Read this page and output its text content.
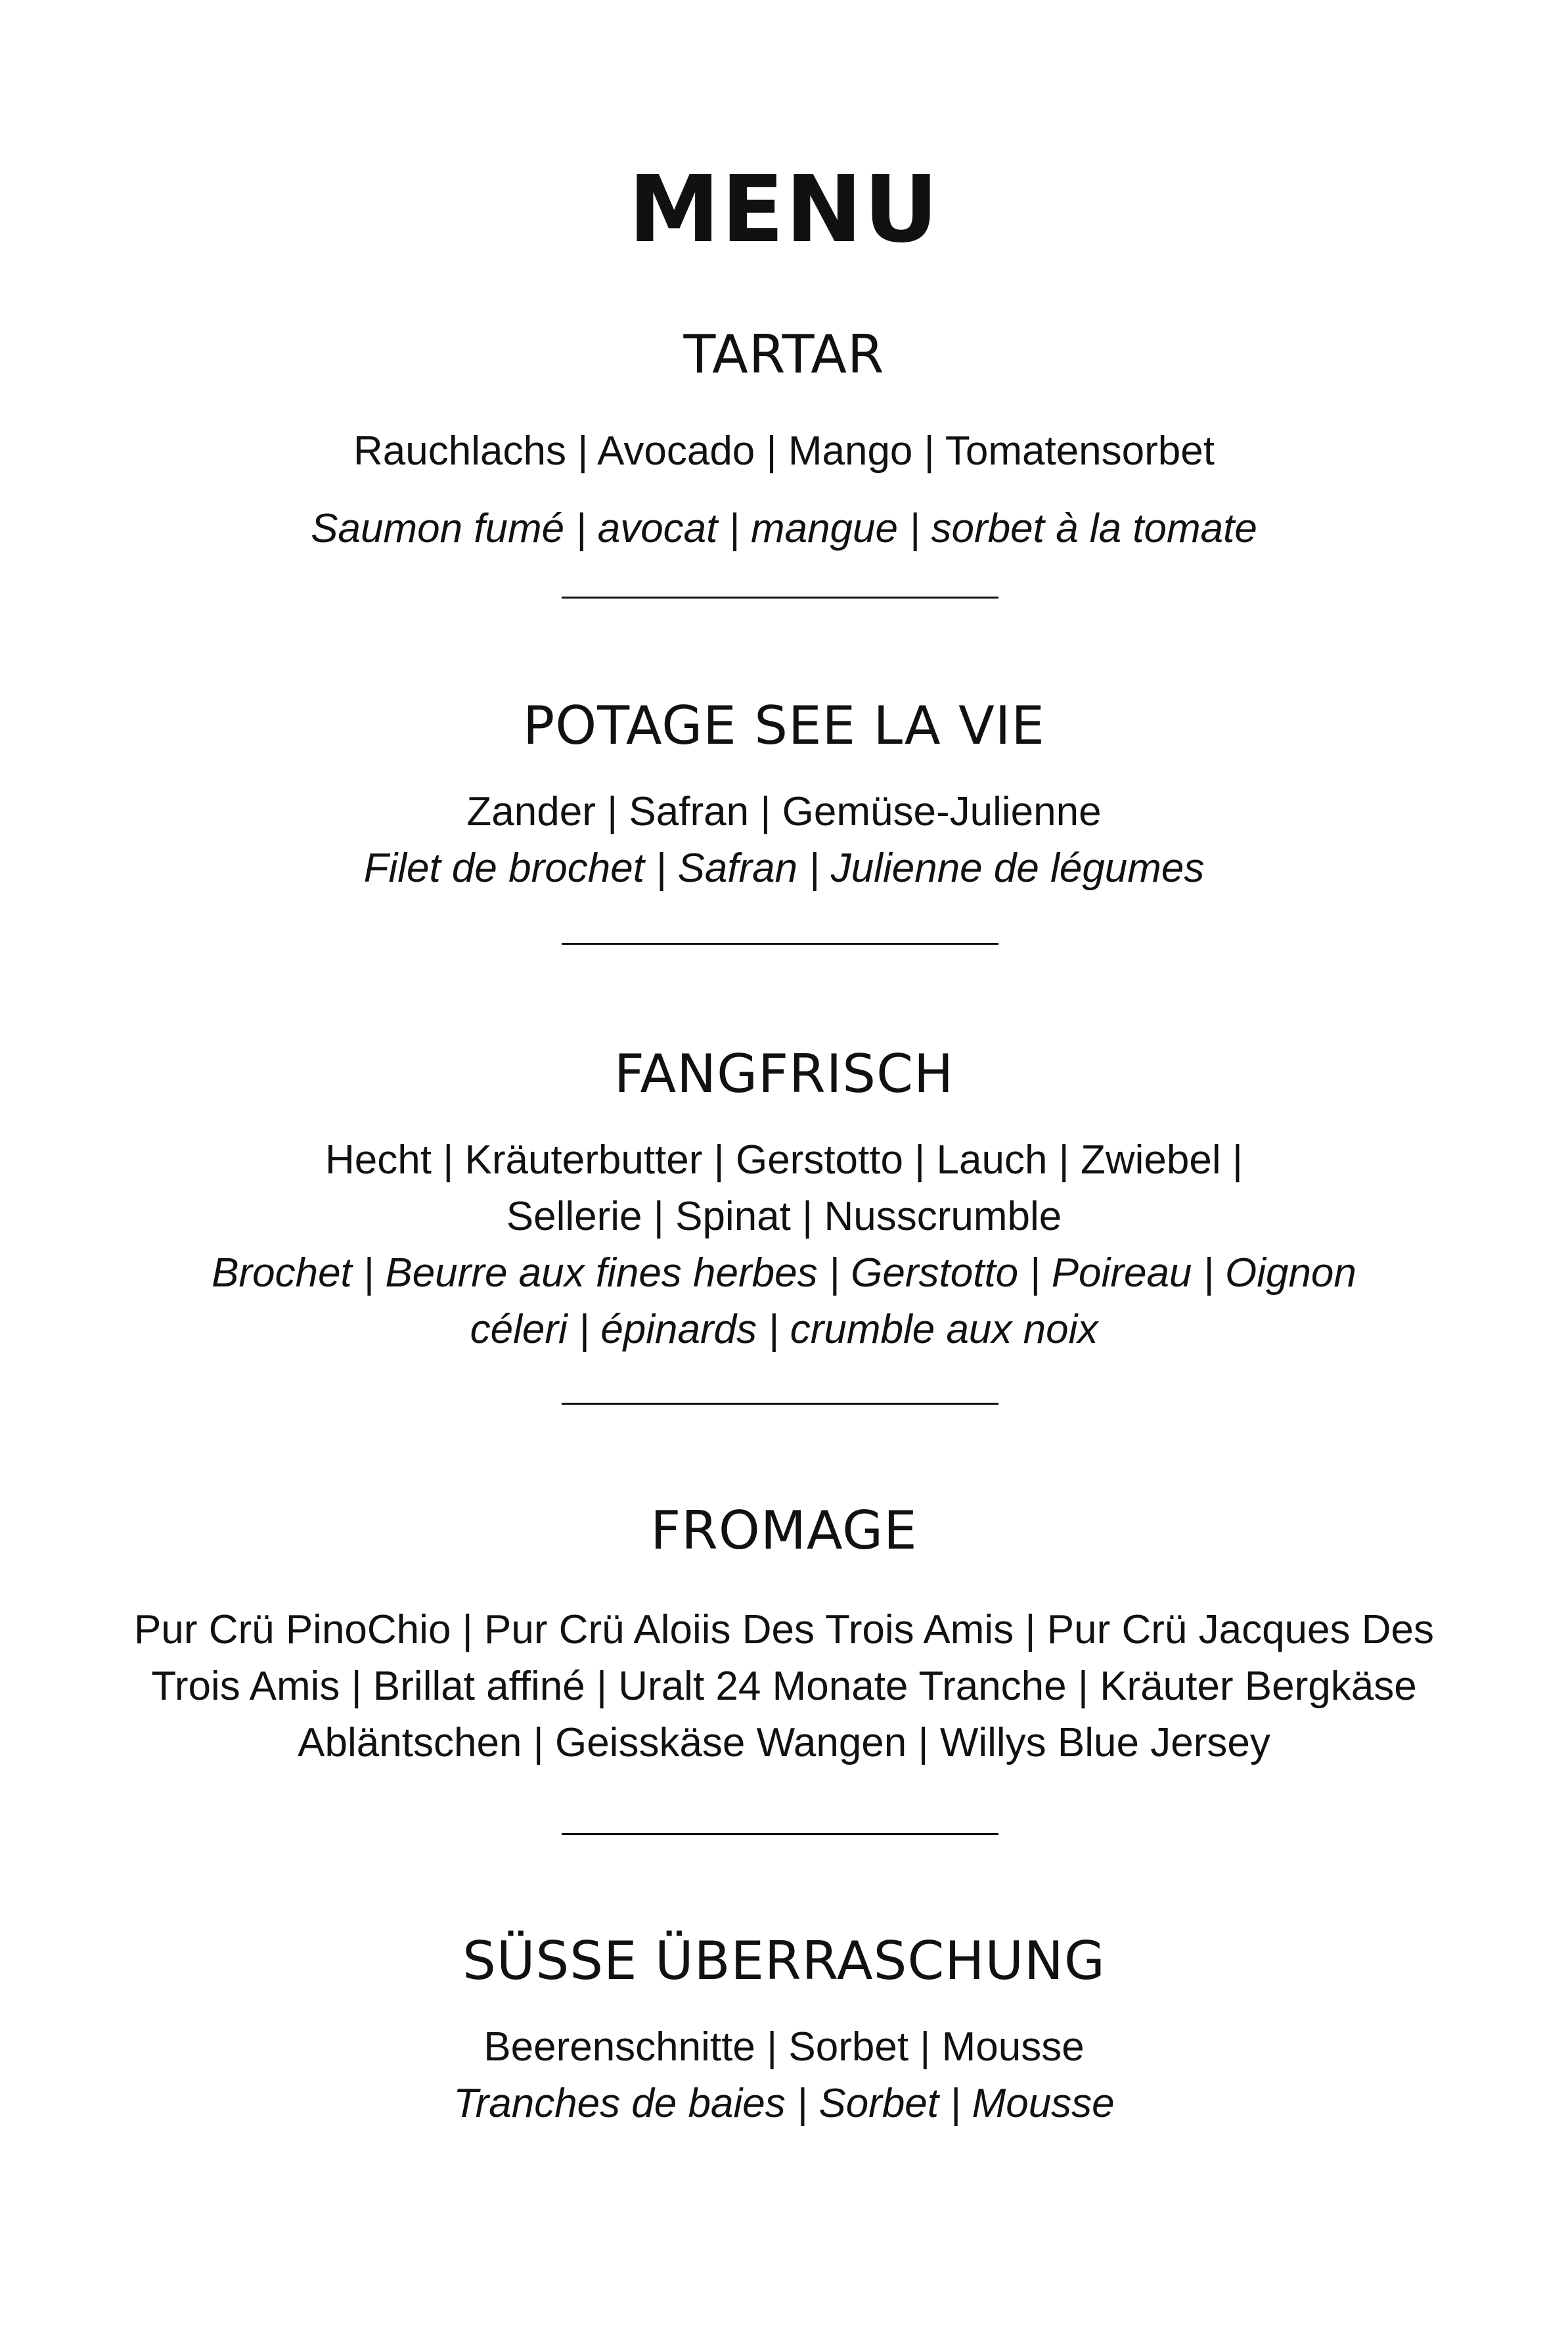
MENU
TARTAR
Rauchlachs | Avocado | Mango | Tomatensorbet
Saumon fumé | avocat | mangue | sorbet à la tomate
POTAGE SEE LA VIE
Zander | Safran | Gemüse-Julienne
Filet de brochet | Safran | Julienne de légumes
FANGFRISCH
Hecht | Kräuterbutter | Gerstotto | Lauch | Zwiebel |
Sellerie | Spinat | Nusscrumble
Brochet | Beurre aux fines herbes | Gerstotto | Poireau | Oignon
céleri | épinards | crumble aux noix
FROMAGE
Pur Crü PinoChio | Pur Crü Aloiis Des Trois Amis | Pur Crü Jacques Des
Trois Amis | Brillat affiné | Uralt 24 Monate Tranche | Kräuter Bergkäse
Abläntschen | Geisskäse Wangen | Willys Blue Jersey
SÜSSE ÜBERRASCHUNG
Beerenschnitte | Sorbet | Mousse
Tranches de baies | Sorbet | Mousse
